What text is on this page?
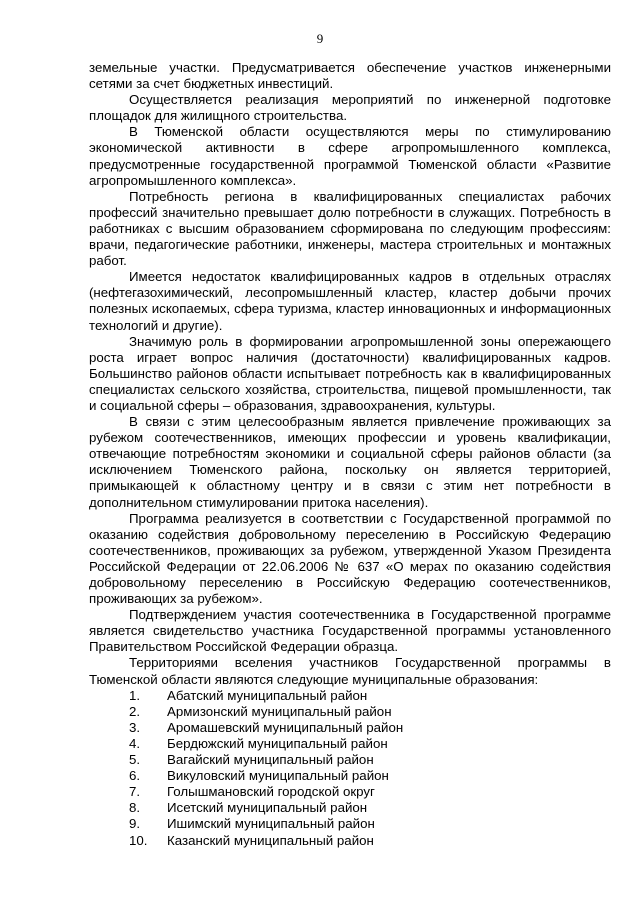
9

земельные участки. Предусматривается обеспечение участков инженерными сетями за счет бюджетных инвестиций.

Осуществляется реализация мероприятий по инженерной подготовке площадок для жилищного строительства.

В Тюменской области осуществляются меры по стимулированию экономической активности в сфере агропромышленного комплекса, предусмотренные государственной программой Тюменской области «Развитие агропромышленного комплекса».

Потребность региона в квалифицированных специалистах рабочих профессий значительно превышает долю потребности в служащих. Потребность в работниках с высшим образованием сформирована по следующим профессиям: врачи, педагогические работники, инженеры, мастера строительных и монтажных работ.

Имеется недостаток квалифицированных кадров в отдельных отраслях (нефтегазохимический, лесопромышленный кластер, кластер добычи прочих полезных ископаемых, сфера туризма, кластер инновационных и информационных технологий и другие).

Значимую роль в формировании агропромышленной зоны опережающего роста играет вопрос наличия (достаточности) квалифицированных кадров. Большинство районов области испытывает потребность как в квалифицированных специалистах сельского хозяйства, строительства, пищевой промышленности, так и социальной сферы – образования, здравоохранения, культуры.

В связи с этим целесообразным является привлечение проживающих за рубежом соотечественников, имеющих профессии и уровень квалификации, отвечающие потребностям экономики и социальной сферы районов области (за исключением Тюменского района, поскольку он является территорией, примыкающей к областному центру и в связи с этим нет потребности в дополнительном стимулировании притока населения).

Программа реализуется в соответствии с Государственной программой по оказанию содействия добровольному переселению в Российскую Федерацию соотечественников, проживающих за рубежом, утвержденной Указом Президента Российской Федерации от 22.06.2006 № 637 «О мерах по оказанию содействия добровольному переселению в Российскую Федерацию соотечественников, проживающих за рубежом».

Подтверждением участия соотечественника в Государственной программе является свидетельство участника Государственной программы установленного Правительством Российской Федерации образца.

Территориями вселения участников Государственной программы в Тюменской области являются следующие муниципальные образования:

1.	Абатский муниципальный район
2.	Армизонский муниципальный район
3.	Аромашевский муниципальный район
4.	Бердюжский муниципальный район
5.	Вагайский муниципальный район
6.	Викуловский муниципальный район
7.	Голышмановский городской округ
8.	Исетский муниципальный район
9.	Ишимский муниципальный район
10.	Казанский муниципальный район
